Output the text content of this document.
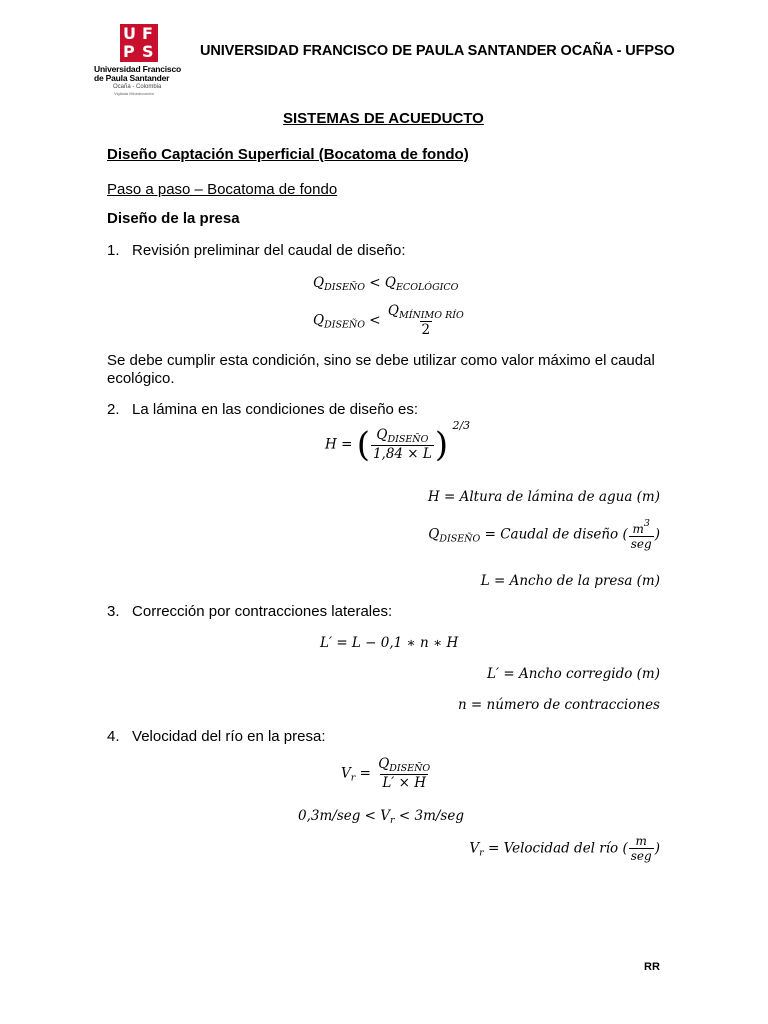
U F
P S
Universidad Francisco
de Paula Santander
Ocaña - Colombia
Vigilada Mineducación
UNIVERSIDAD FRANCISCO DE PAULA SANTANDER OCAÑA - UFPSO
SISTEMAS DE ACUEDUCTO
Diseño Captación Superficial (Bocatoma de fondo)
Paso a paso – Bocatoma de fondo
Diseño de la presa
1. Revisión preliminar del caudal de diseño:
$Q_{DISEÑO} < Q_{ECOLÓGICO}$
$Q_{DISEÑO} < \frac{Q_{MÍNIMO RÍO}}{2}$
Se debe cumplir esta condición, sino se debe utilizar como valor máximo el caudal ecológico.
2. La lámina en las condiciones de diseño es:
H = ( $\frac{Q_{DISEÑO}}{1,84 \times L}$ ) $^{2/3}$
H = Altura de lámina de agua (m)
$Q_{DISEÑO}$ = Caudal de diseño ( $\frac{m^3}{\text{seg}}$ )
L = Ancho de la presa (m)
3. Corrección por contracciones laterales:
L′ = L − 0,1 ∗ n ∗ H
L′ = Ancho corregido (m)
n = número de contracciones
4. Velocidad del río en la presa:
$V_r = \frac{Q_{DISEÑO}}{L' \times H}$
$0,3m/seg < V_r < 3m/seg$
$V_r$ = Velocidad del río ( $\frac{m}{\text{seg}}$ )
RR
